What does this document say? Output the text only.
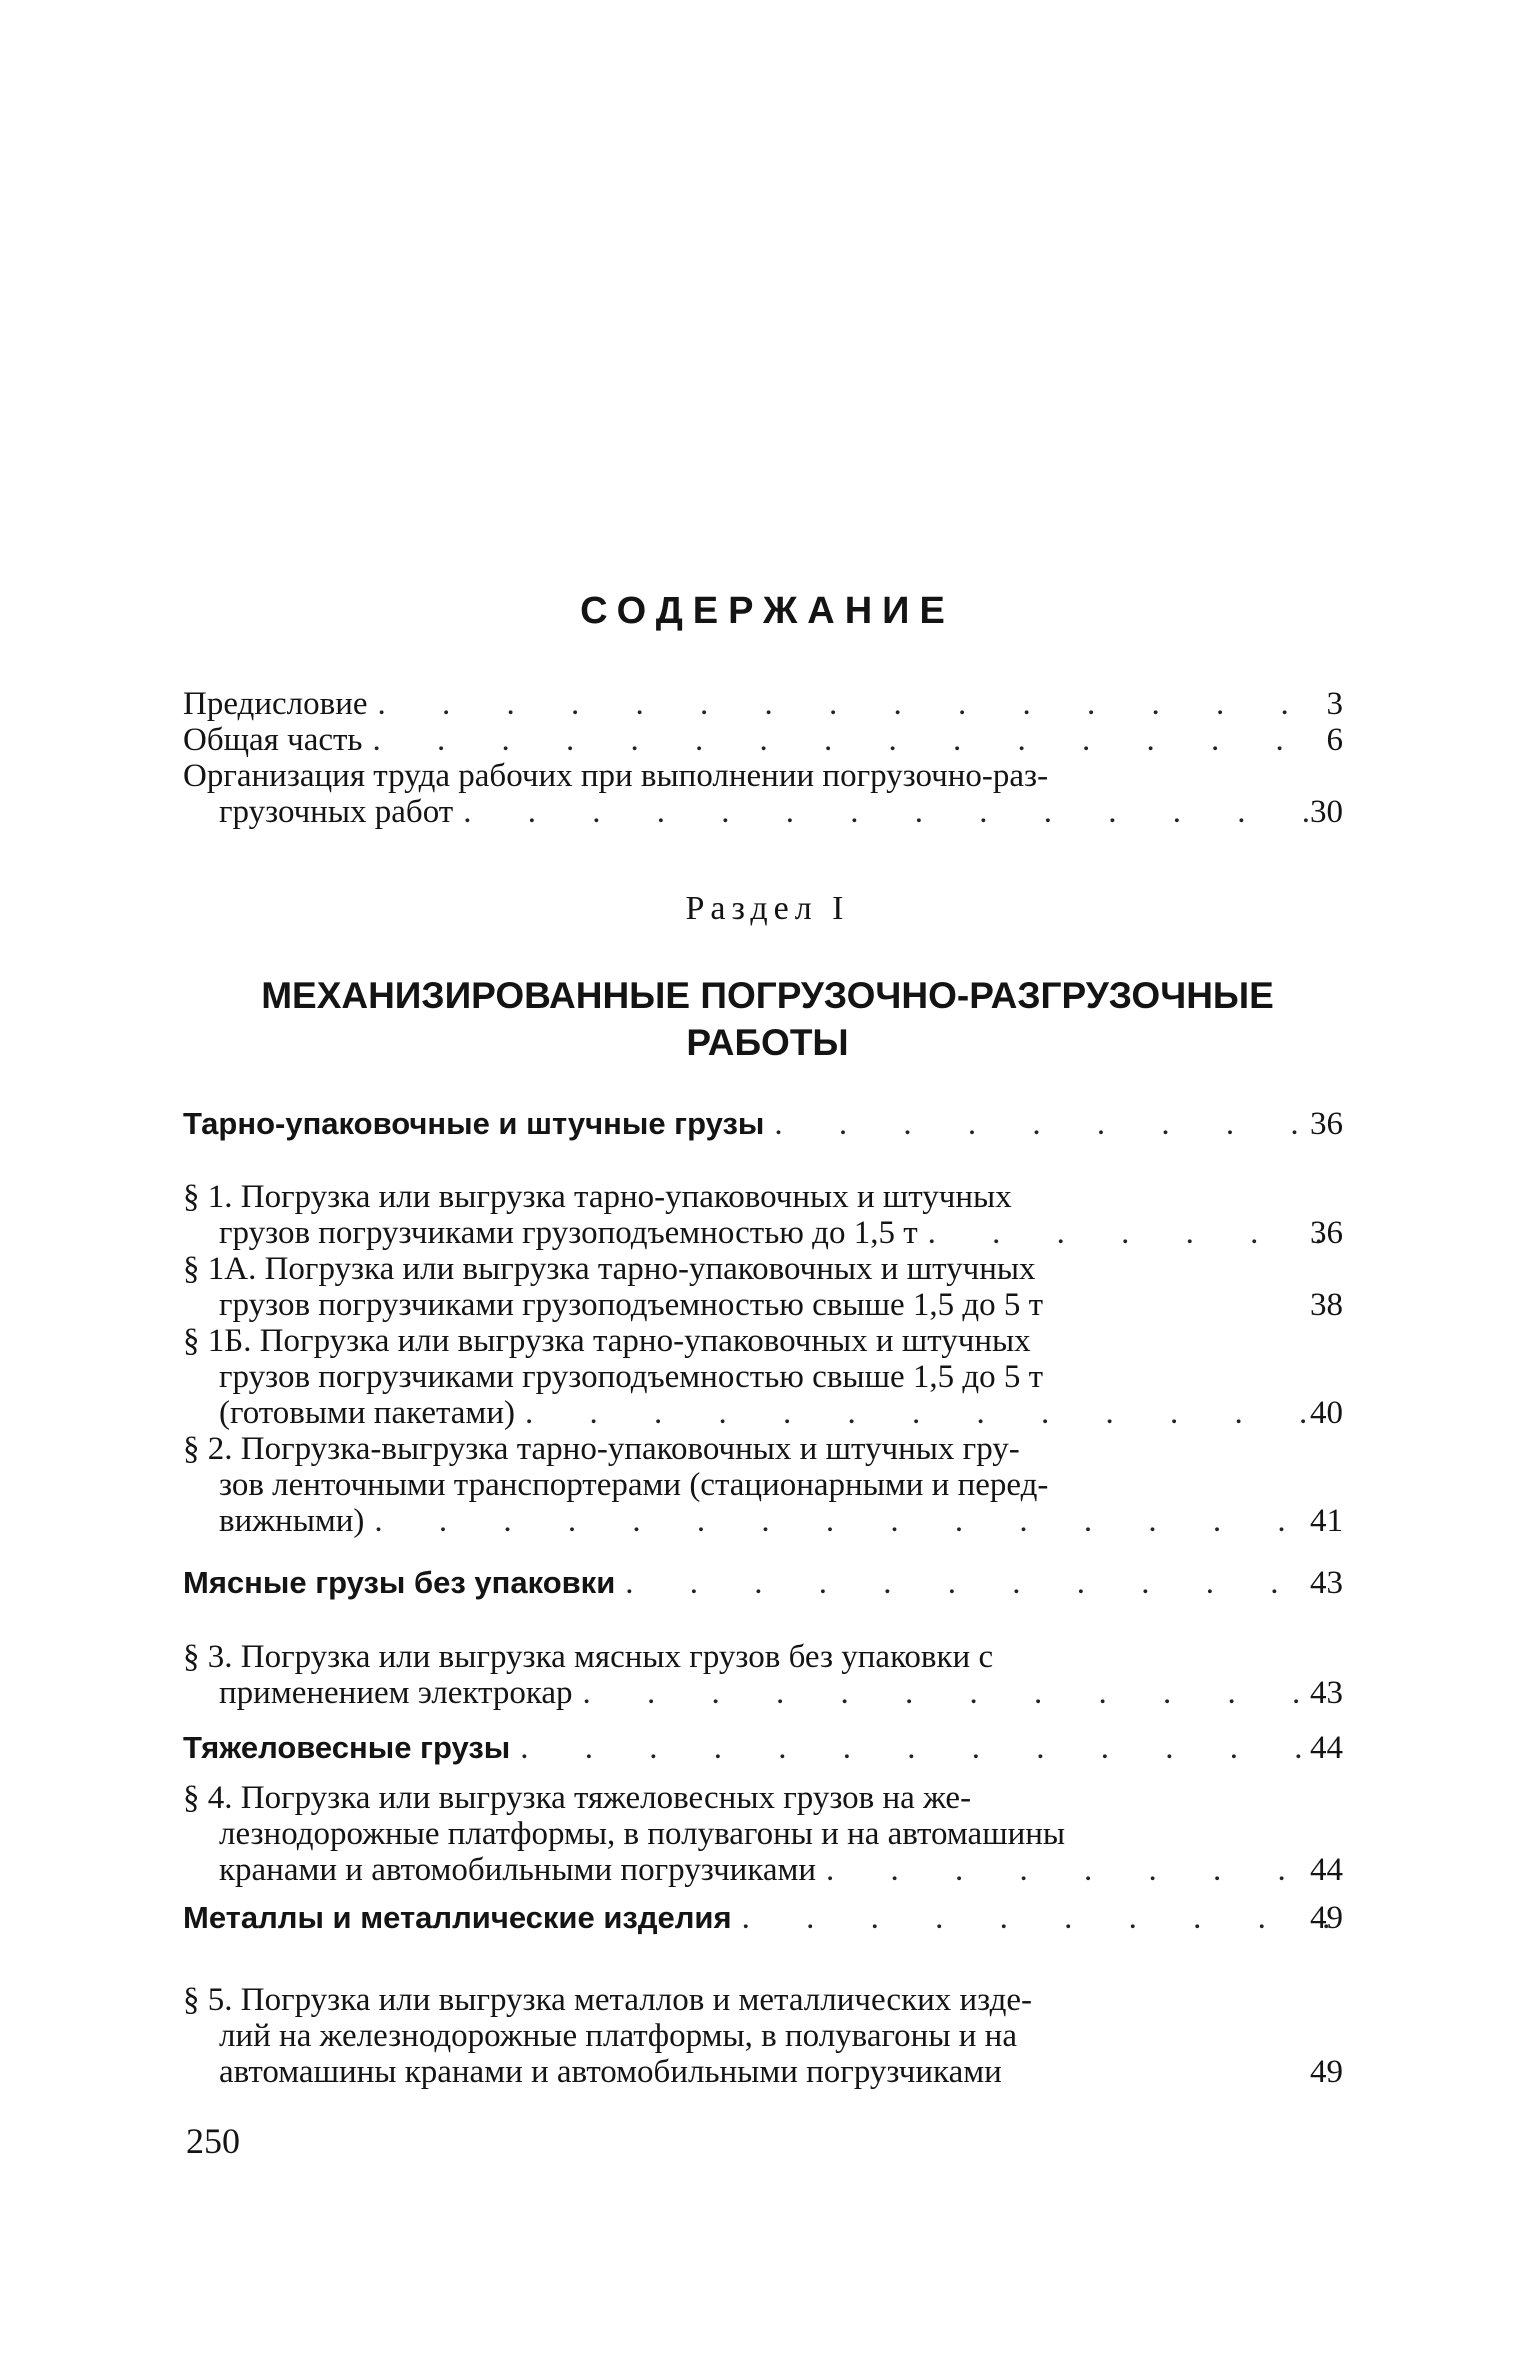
СОДЕРЖАНИЕ
Предисловие . . .	3
Общая часть . . .	6
Организация труда рабочих при выполнении погрузочно-раз-
грузочных работ . . .	30
Раздел I
МЕХАНИЗИРОВАННЫЕ ПОГРУЗОЧНО-РАЗГРУЗОЧНЫЕ
РАБОТЫ
Тарно-упаковочные и штучные грузы . . .	36
§ 1. Погрузка или выгрузка тарно-упаковочных и штучных
грузов погрузчиками грузоподъемностью до 1,5 т . . .	36
§ 1А. Погрузка или выгрузка тарно-упаковочных и штучных
грузов погрузчиками грузоподъемностью свыше 1,5 до 5 т	38
§ 1Б. Погрузка или выгрузка тарно-упаковочных и штучных
грузов погрузчиками грузоподъемностью свыше 1,5 до 5 т
(готовыми пакетами) . . .	40
§ 2. Погрузка-выгрузка тарно-упаковочных и штучных гру-
зов ленточными транспортерами (стационарными и перед-
вижными) . . .	41
Мясные грузы без упаковки . . .	43
§ 3. Погрузка или выгрузка мясных грузов без упаковки с
применением электрокар . . .	43
Тяжеловесные грузы . . .	44
§ 4. Погрузка или выгрузка тяжеловесных грузов на же-
лезнодорожные платформы, в полувагоны и на автомашины
кранами и автомобильными погрузчиками . . .	44
Металлы и металлические изделия . . .	49
§ 5. Погрузка или выгрузка металлов и металлических изде-
лий на железнодорожные платформы, в полувагоны и на
автомашины кранами и автомобильными погрузчиками	49
250
